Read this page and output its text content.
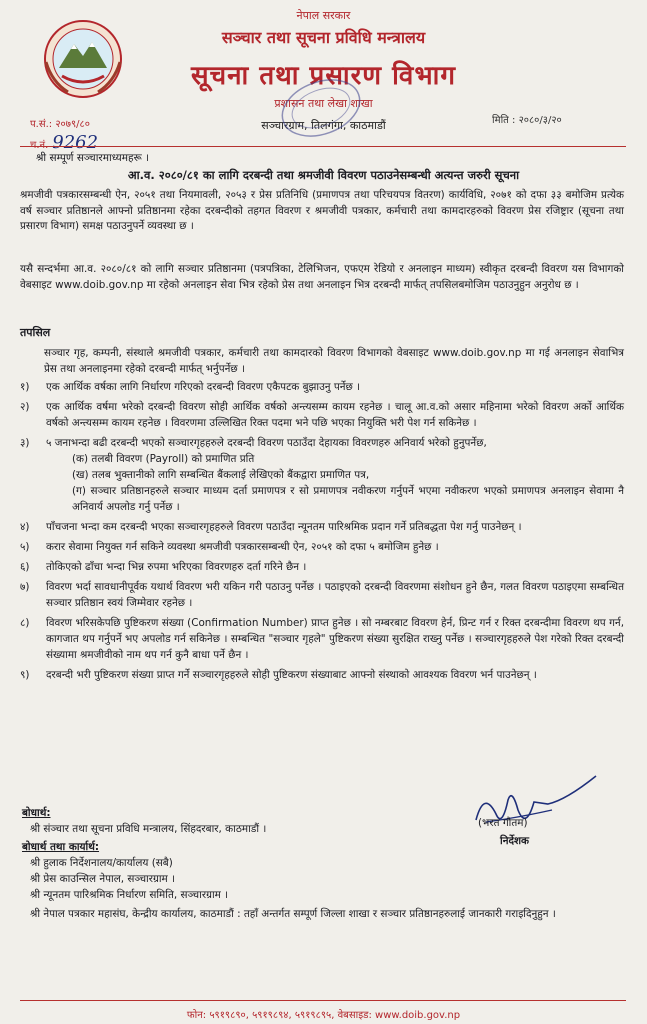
नेपाल सरकार
सञ्चार तथा सूचना प्रविधि मन्त्रालय
सूचना तथा प्रसारण विभाग
प्रशासन तथा लेखा शाखा
सञ्चारग्राम, तिलगंगा, काठमाडौं
प.सं.: २०७९/८०
च.नं. 9262
मिति : २०८०/३/२०
श्री सम्पूर्ण सञ्चारमाध्यमहरू ।
आ.व. २०८०/८१ का लागि दरबन्दी तथा श्रमजीवी विवरण पठाउनेसम्बन्धी अत्यन्त जरुरी सूचना
श्रमजीवी पत्रकारसम्बन्धी ऐन, २०५१ तथा नियमावली, २०५३ र प्रेस प्रतिनिधि (प्रमाणपत्र तथा परिचयपत्र वितरण) कार्यविधि, २०७१ को दफा ३३ बमोजिम प्रत्येक वर्ष सञ्चार प्रतिष्ठानले आफ्नो प्रतिष्ठानमा रहेका दरबन्दीको तहगत विवरण र श्रमजीवी पत्रकार, कर्मचारी तथा कामदारहरुको विवरण प्रेस रजिष्ट्रार (सूचना तथा प्रसारण विभाग) समक्ष पठाउनुपर्ने व्यवस्था छ ।
यसै सन्दर्भमा आ.व. २०८०/८१ को लागि सञ्चार प्रतिष्ठानमा (पत्रपत्रिका, टेलिभिजन, एफएम रेडियो र अनलाइन माध्यम) स्वीकृत दरबन्दी विवरण यस विभागको वेबसाइट www.doib.gov.np मा रहेको अनलाइन सेवा भित्र रहेको प्रेस तथा अनलाइन भित्र दरबन्दी मार्फत् तपसिलबमोजिम पठाउनुहुन अनुरोध छ ।
तपसिल
सञ्चार गृह, कम्पनी, संस्थाले श्रमजीवी पत्रकार, कर्मचारी तथा कामदारको विवरण विभागको वेबसाइट www.doib.gov.np मा गई अनलाइन सेवाभित्र प्रेस तथा अनलाइनमा रहेको दरबन्दी मार्फत् भर्नुपर्नेछ ।
१)	एक आर्थिक वर्षका लागि निर्धारण गरिएको दरबन्दी विवरण एकैपटक बुझाउनु पर्नेछ ।
२)	एक आर्थिक वर्षमा भरेको दरबन्दी विवरण सोही आर्थिक वर्षको अन्त्यसम्म कायम रहनेछ । चालू आ.व.को असार महिनामा भरेको विवरण अर्को आर्थिक वर्षको अन्त्यसम्म कायम रहनेछ । विवरणमा उल्लिखित रिक्त पदमा भने पछि भएका नियुक्ति भरी पेश गर्न सकिनेछ ।
३)	५ जनाभन्दा बढी दरबन्दी भएको सञ्चारगृहहरुले दरबन्दी विवरण पठाउँदा देहायका विवरणहरु अनिवार्य भरेको हुनुपर्नेछ,
(क) तलबी विवरण (Payroll) को प्रमाणित प्रति
(ख) तलब भुक्तानीको लागि सम्बन्धित बैंकलाई लेखिएको बैंकद्वारा प्रमाणित पत्र,
(ग) सञ्चार प्रतिष्ठानहरुले सञ्चार माध्यम दर्ता प्रमाणपत्र र सो प्रमाणपत्र नवीकरण गर्नुपर्ने भएमा नवीकरण भएको प्रमाणपत्र अनलाइन सेवामा नै अनिवार्य अपलोड गर्नु पर्नेछ ।
४)	पाँचजना भन्दा कम दरबन्दी भएका सञ्चारगृहहरुले विवरण पठाउँदा न्यूनतम पारिश्रमिक प्रदान गर्ने प्रतिबद्धता पेश गर्नु पाउनेछन् ।
५)	करार सेवामा नियुक्त गर्न सकिने व्यवस्था श्रमजीवी पत्रकारसम्बन्धी ऐन, २०५१ को दफा ५ बमोजिम हुनेछ ।
६)	तोकिएको ढाँचा भन्दा भिन्न रुपमा भरिएका विवरणहरु दर्ता गरिने छैन ।
७)	विवरण भर्दा सावधानीपूर्वक यथार्थ विवरण भरी यकिन गरी पठाउनु पर्नेछ । पठाइएको दरबन्दी विवरणमा संशोधन हुने छैन, गलत विवरण पठाइएमा सम्बन्धित सञ्चार प्रतिष्ठान स्वयं जिम्मेवार रहनेछ ।
८)	विवरण भरिसकेपछि पुष्टिकरण संख्या (Confirmation Number) प्राप्त हुनेछ । सो नम्बरबाट विवरण हेर्न, प्रिन्ट गर्न र रिक्त दरबन्दीमा विवरण थप गर्न, कागजात थप गर्नुपर्ने भए अपलोड गर्न सकिनेछ । सम्बन्धित "सञ्चार गृहले" पुष्टिकरण संख्या सुरक्षित राख्नु पर्नेछ । सञ्चारगृहहरुले पेश गरेको रिक्त दरबन्दी संख्यामा श्रमजीवीको नाम थप गर्न कुनै बाधा पर्ने छैन ।
९)	दरबन्दी भरी पुष्टिकरण संख्या प्राप्त गर्ने सञ्चारगृहहरुले सोही पुष्टिकरण संख्याबाट आफ्नो संस्थाको आवश्यक विवरण भर्न पाउनेछन् ।
(भरत गौतम)
निर्देशक
बोधार्थ:
श्री संञ्चार तथा सूचना प्रविधि मन्त्रालय, सिंहदरबार, काठमाडौं ।
बोधार्थ तथा कार्यार्थ:
श्री हुलाक निर्देशनालय/कार्यालय (सबै)
श्री प्रेस काउन्सिल नेपाल, सञ्चारग्राम ।
श्री न्यूनतम पारिश्रमिक निर्धारण समिति, सञ्चारग्राम ।
श्री नेपाल पत्रकार महासंघ, केन्द्रीय कार्यालय, काठमाडौं : तहाँ अन्तर्गत सम्पूर्ण जिल्ला शाखा र सञ्चार प्रतिष्ठानहरुलाई जानकारी गराइदिनुहुन ।
फोन: ५९१९८९०, ५९१९८९४, ५९१९८९५, वेबसाइड: www.doib.gov.np
